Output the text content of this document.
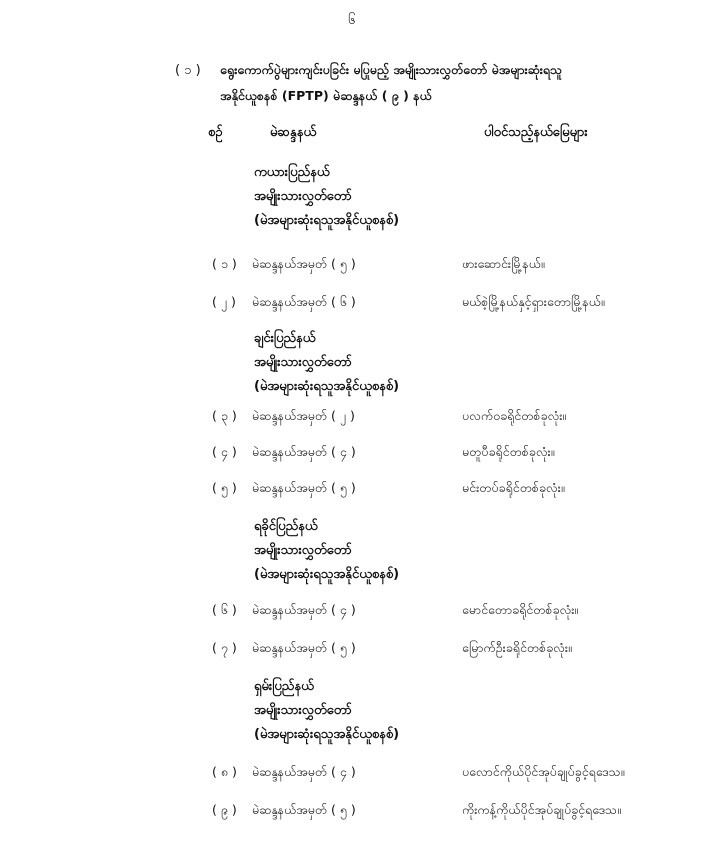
၆
( ၁ ) ရွေးကောက်ပွဲများကျင်းပခြင်း မပြုမည့် အမျိုးသားလွှတ်တော် မဲအများဆုံးရသူ
အနိုင်ယူစနစ် (FPTP) မဲဆန္ဒနယ် ( ၉ ) နယ်
စဉ်	မဲဆန္ဒနယ်	ပါဝင်သည့်နယ်မြေများ
ကယားပြည်နယ်
အမျိုးသားလွှတ်တော်
(မဲအများဆုံးရသူအနိုင်ယူစနစ်)
( ၁ ) မဲဆန္ဒနယ်အမှတ် ( ၅ )	ဖားဆောင်းမြို့နယ်။
( ၂ ) မဲဆန္ဒနယ်အမှတ် ( ၆ )	မယ်စဲ့မြို့နယ်နှင့်ရှားတောမြို့နယ်။
ချင်းပြည်နယ်
အမျိုးသားလွှတ်တော်
(မဲအများဆုံးရသူအနိုင်ယူစနစ်)
( ၃ ) မဲဆန္ဒနယ်အမှတ် ( ၂ )	ပလက်ဝခရိုင်တစ်ခုလုံး။
( ၄ ) မဲဆန္ဒနယ်အမှတ် ( ၄ )	မတူပီခရိုင်တစ်ခုလုံး။
( ၅ ) မဲဆန္ဒနယ်အမှတ် ( ၅ )	မင်းတပ်ခရိုင်တစ်ခုလုံး။
ရခိုင်ပြည်နယ်
အမျိုးသားလွှတ်တော်
(မဲအများဆုံးရသူအနိုင်ယူစနစ်)
( ၆ ) မဲဆန္ဒနယ်အမှတ် ( ၄ )	မောင်တောခရိုင်တစ်ခုလုံး။
( ၇ ) မဲဆန္ဒနယ်အမှတ် ( ၅ )	မြောက်ဦးခရိုင်တစ်ခုလုံး။
ရှမ်းပြည်နယ်
အမျိုးသားလွှတ်တော်
(မဲအများဆုံးရသူအနိုင်ယူစနစ်)
( ၈ ) မဲဆန္ဒနယ်အမှတ် ( ၄ )	ပလောင်ကိုယ်ပိုင်အုပ်ချုပ်ခွင့်ရဒေသ။
( ၉ ) မဲဆန္ဒနယ်အမှတ် ( ၅ )	ကိုးကန့်ကိုယ်ပိုင်အုပ်ချုပ်ခွင့်ရဒေသ။
